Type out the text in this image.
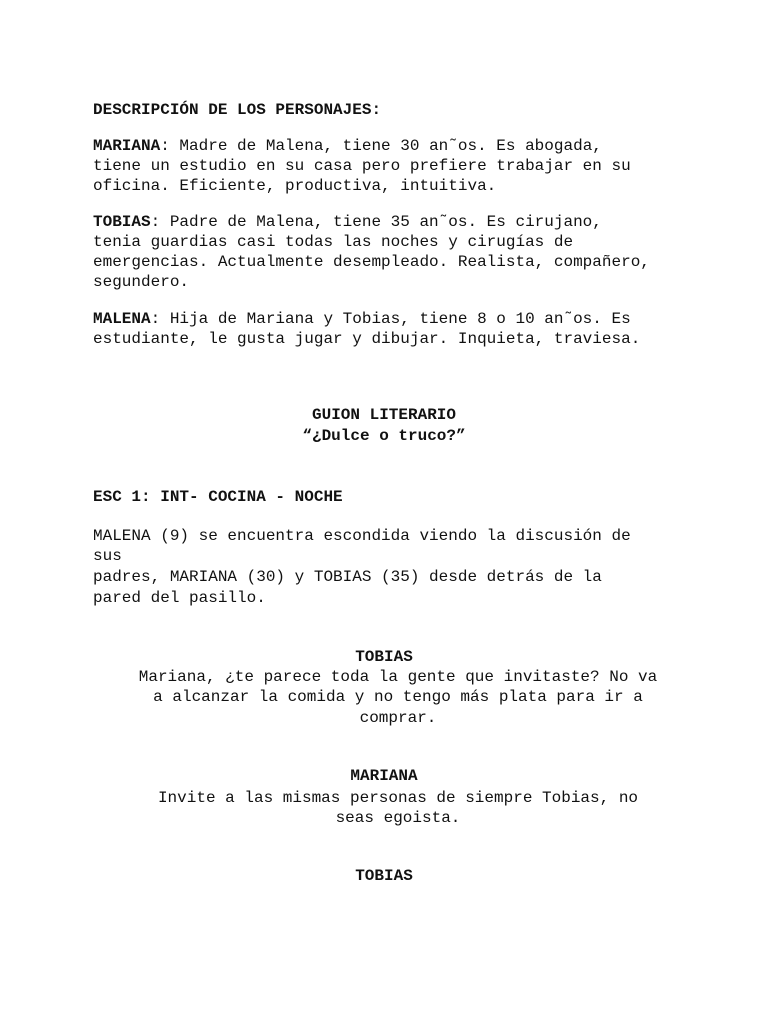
DESCRIPCIÓN DE LOS PERSONAJES:
MARIANA: Madre de Malena, tiene 30 an˜os. Es abogada,
tiene un estudio en su casa pero prefiere trabajar en su
oficina. Eficiente, productiva, intuitiva.
TOBIAS: Padre de Malena, tiene 35 an˜os. Es cirujano,
tenia guardias casi todas las noches y cirugías de
emergencias. Actualmente desempleado. Realista, compañero,
segundero.
MALENA: Hija de Mariana y Tobias, tiene 8 o 10 an˜os. Es
estudiante, le gusta jugar y dibujar. Inquieta, traviesa.
GUION LITERARIO
“¿Dulce o truco?”
ESC 1: INT- COCINA - NOCHE
MALENA (9) se encuentra escondida viendo la discusión de
sus
padres, MARIANA (30) y TOBIAS (35) desde detrás de la
pared del pasillo.
TOBIAS
Mariana, ¿te parece toda la gente que invitaste? No va
a alcanzar la comida y no tengo más plata para ir a
comprar.
MARIANA
Invite a las mismas personas de siempre Tobias, no
seas egoista.
TOBIAS
